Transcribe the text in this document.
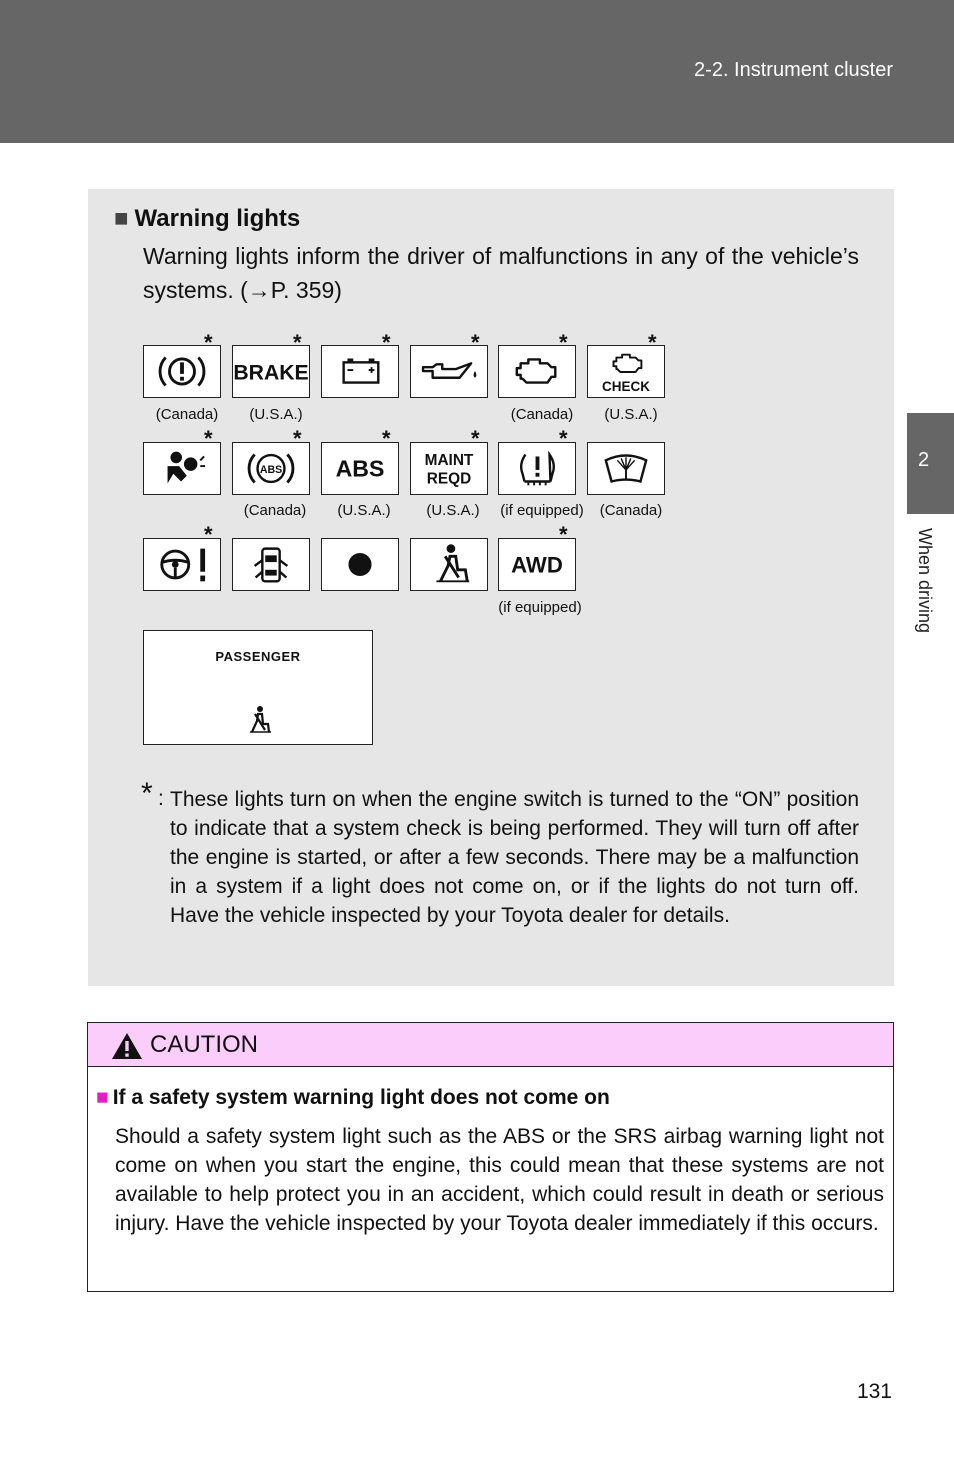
2-2. Instrument cluster
2
When driving
■ Warning lights
Warning lights inform the driver of malfunctions in any of the vehicle’s systems. (→P. 359)
BRAKE
CHECK
ABS ABS	MAINT REQD
AWD
*	*	*	*	*	*
*	*	*	*	*
*	*
(Canada)	(U.S.A.)	(Canada)	(U.S.A.)
(Canada)	(U.S.A.)	(U.S.A.)	(if equipped)	(Canada)
(if equipped)
PASSENGER
* : These lights turn on when the engine switch is turned to the “ON” position to indicate that a system check is being performed. They will turn off after the engine is started, or after a few seconds. There may be a malfunction in a system if a light does not come on, or if the lights do not turn off. Have the vehicle inspected by your Toyota dealer for details.
CAUTION
■ If a safety system warning light does not come on
Should a safety system light such as the ABS or the SRS airbag warning light not come on when you start the engine, this could mean that these systems are not available to help protect you in an accident, which could result in death or serious injury. Have the vehicle inspected by your Toyota dealer immediately if this occurs.
131
